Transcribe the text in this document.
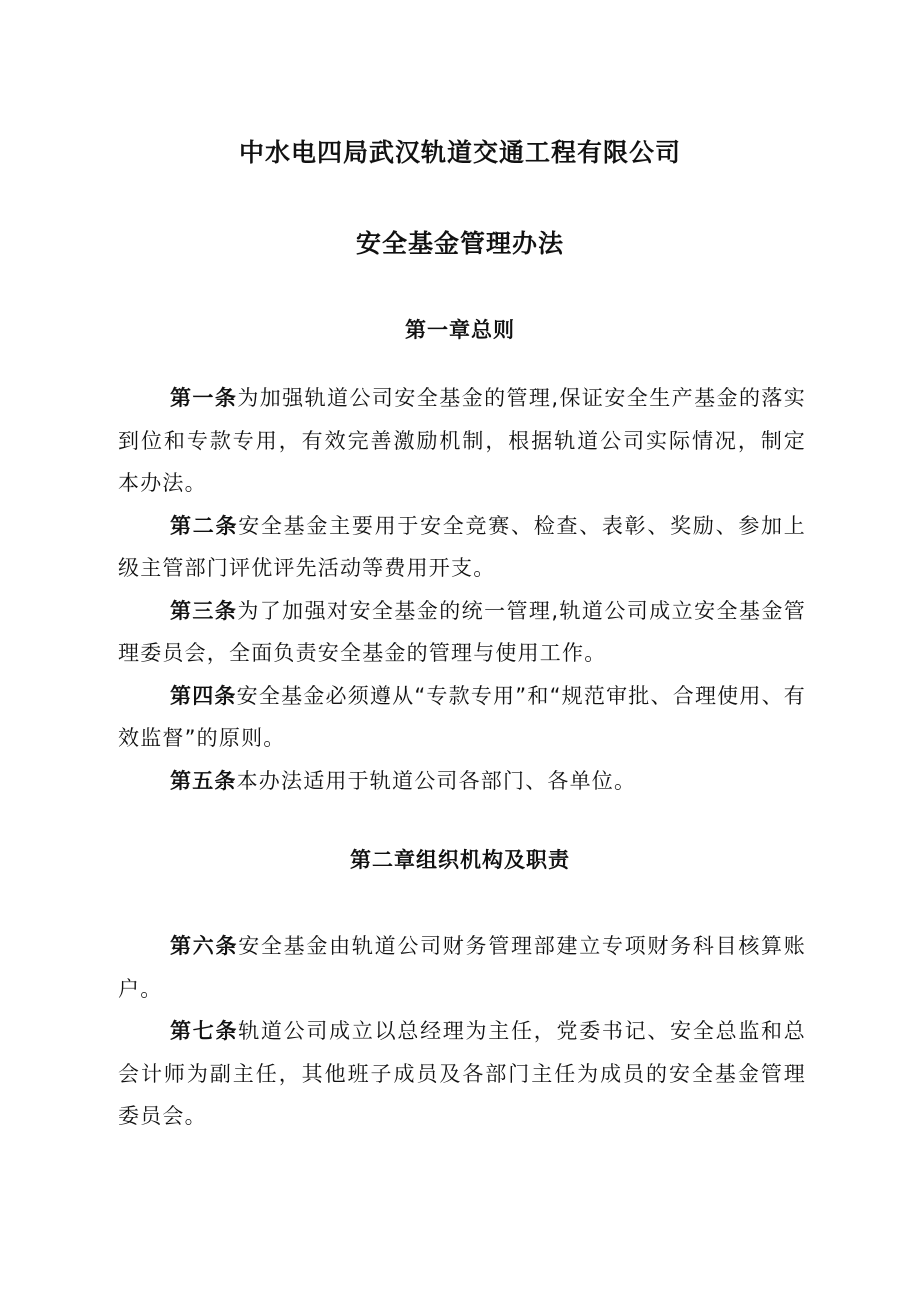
中水电四局武汉轨道交通工程有限公司
安全基金管理办法
第一章总则

第一条为加强轨道公司安全基金的管理,保证安全生产基金的落实到位和专款专用，有效完善激励机制，根据轨道公司实际情况，制定本办法。

第二条安全基金主要用于安全竞赛、检查、表彰、奖励、参加上级主管部门评优评先活动等费用开支。

第三条为了加强对安全基金的统一管理,轨道公司成立安全基金管理委员会，全面负责安全基金的管理与使用工作。

第四条安全基金必须遵从“专款专用”和“规范审批、合理使用、有效监督”的原则。

第五条本办法适用于轨道公司各部门、各单位。

第二章组织机构及职责

第六条安全基金由轨道公司财务管理部建立专项财务科目核算账户。

第七条轨道公司成立以总经理为主任，党委书记、安全总监和总会计师为副主任，其他班子成员及各部门主任为成员的安全基金管理委员会。
